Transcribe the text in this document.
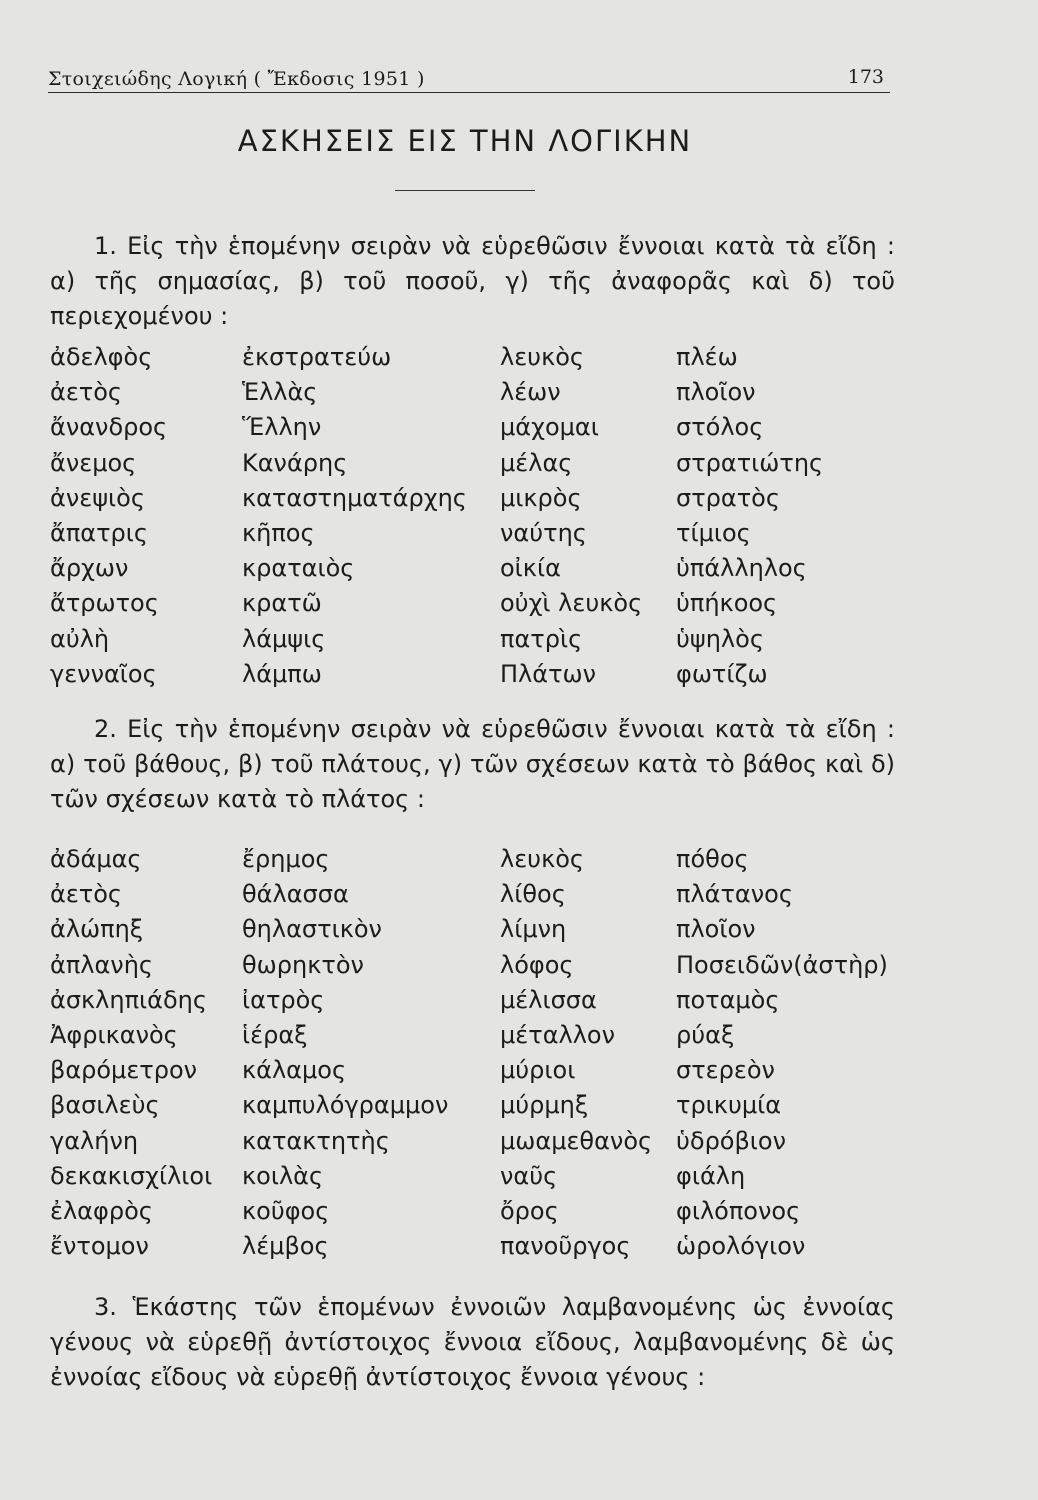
Στοιχειώδης Λογική ( Ἔκδοσις 1951 )	173
ΑΣΚΗΣΕΙΣ ΕΙΣ ΤΗΝ ΛΟΓΙΚΗΝ

1. Εἰς τὴν ἑπομένην σειρὰν νὰ εὑρεθῶσιν ἔννοιαι κατὰ τὰ εἴδη : α) τῆς σημασίας, β) τοῦ ποσοῦ, γ) τῆς ἀναφορᾶς καὶ δ) τοῦ περιεχομένου :

ἀδελφὸς
ἀετὸς
ἄνανδρος
ἄνεμος
ἀνεψιὸς
ἄπατρις
ἄρχων
ἄτρωτος
αὐλὴ
γενναῖος
ἐκστρατεύω
Ἑλλὰς
Ἕλλην
Κανάρης
καταστηματάρχης
κῆπος
κραταιὸς
κρατῶ
λάμψις
λάμπω
λευκὸς
λέων
μάχομαι
μέλας
μικρὸς
ναύτης
οἰκία
οὐχὶ λευκὸς
πατρὶς
Πλάτων
πλέω
πλοῖον
στόλος
στρατιώτης
στρατὸς
τίμιος
ὑπάλληλος
ὑπήκοος
ὑψηλὸς
φωτίζω

2. Εἰς τὴν ἑπομένην σειρὰν νὰ εὑρεθῶσιν ἔννοιαι κατὰ τὰ εἴδη : α) τοῦ βάθους, β) τοῦ πλάτους, γ) τῶν σχέσεων κατὰ τὸ βάθος καὶ δ) τῶν σχέσεων κατὰ τὸ πλάτος :

ἀδάμας
ἀετὸς
ἀλώπηξ
ἀπλανὴς
ἀσκληπιάδης
Ἀφρικανὸς
βαρόμετρον
βασιλεὺς
γαλήνη
δεκακισχίλιοι
ἐλαφρὸς
ἔντομον
ἔρημος
θάλασσα
θηλαστικὸν
θωρηκτὸν
ἰατρὸς
ἱέραξ
κάλαμος
καμπυλόγραμμον
κατακτητὴς
κοιλὰς
κοῦφος
λέμβος
λευκὸς
λίθος
λίμνη
λόφος
μέλισσα
μέταλλον
μύριοι
μύρμηξ
μωαμεθανὸς
ναῦς
ὄρος
πανοῦργος
πόθος
πλάτανος
πλοῖον
Ποσειδῶν(ἀστὴρ)
ποταμὸς
ρύαξ
στερεὸν
τρικυμία
ὑδρόβιον
φιάλη
φιλόπονος
ὡρολόγιον

3. Ἑκάστης τῶν ἑπομένων ἐννοιῶν λαμβανομένης ὡς ἐννοίας γένους νὰ εὑρεθῇ ἀντίστοιχος ἔννοια εἴδους, λαμβανομένης δὲ ὡς ἐννοίας εἴδους νὰ εὑρεθῇ ἀντίστοιχος ἔννοια γένους :
